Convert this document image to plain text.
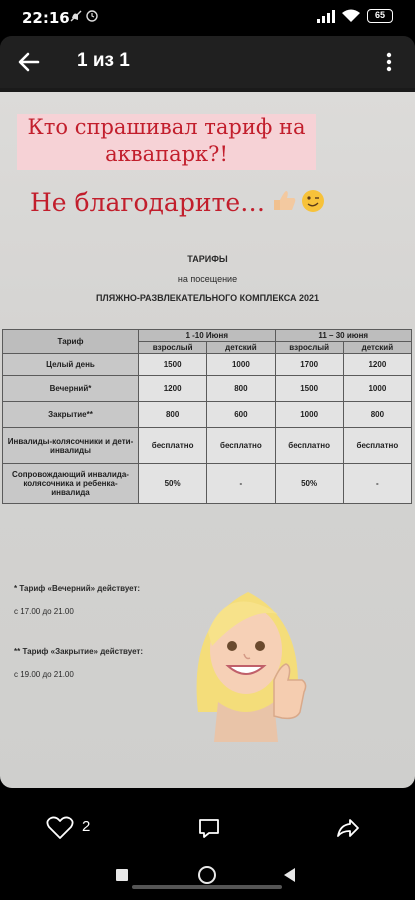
22:16	65
1 из 1
Кто спрашивал тариф на
аквапарк?!
Не благодарите…
ТАРИФЫ
на посещение
ПЛЯЖНО-РАЗВЛЕКАТЕЛЬНОГО КОМПЛЕКСА 2021
Тариф	1 -10 Июня		11 – 30 июня	
	взрослый	детский	взрослый	детский
Целый день	1500	1000	1700	1200
Вечерний*	1200	800	1500	1000
Закрытие**	800	600	1000	800
Инвалиды-колясочники и дети-инвалиды	бесплатно	бесплатно	бесплатно	бесплатно
Сопровождающий инвалида-колясочника и ребенка-инвалида	50%	-	50%	-
* Тариф «Вечерний» действует:
с 17.00 до 21.00
** Тариф «Закрытие» действует:
с 19.00 до 21.00
2
